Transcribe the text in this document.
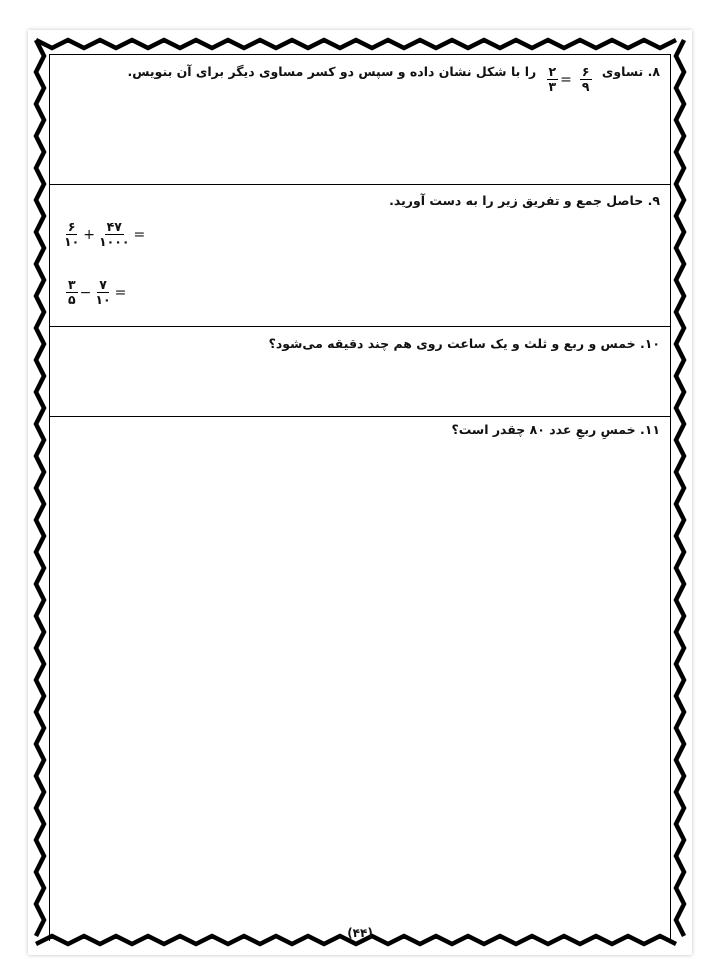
۸. تساوی
$\frac{۲}{۳} = \frac{۶}{۹}$
را با شکل نشان داده و سپس دو کسر مساوی دیگر برای آن بنویس.
۹. حاصل جمع و تفریق زیر را به دست آورید.
$\frac{۶}{۱۰} + \frac{۴۷}{۱۰۰۰}$ =
$\frac{۳}{۵} - \frac{۷}{۱۰}$ =
۱۰. خمس و ربع و ثلث و یک ساعت روی هم چند دقیقه می‌شود؟
۱۱. خمسِ ربعِ عدد ۸۰ چقدر است؟
(۴۴)
